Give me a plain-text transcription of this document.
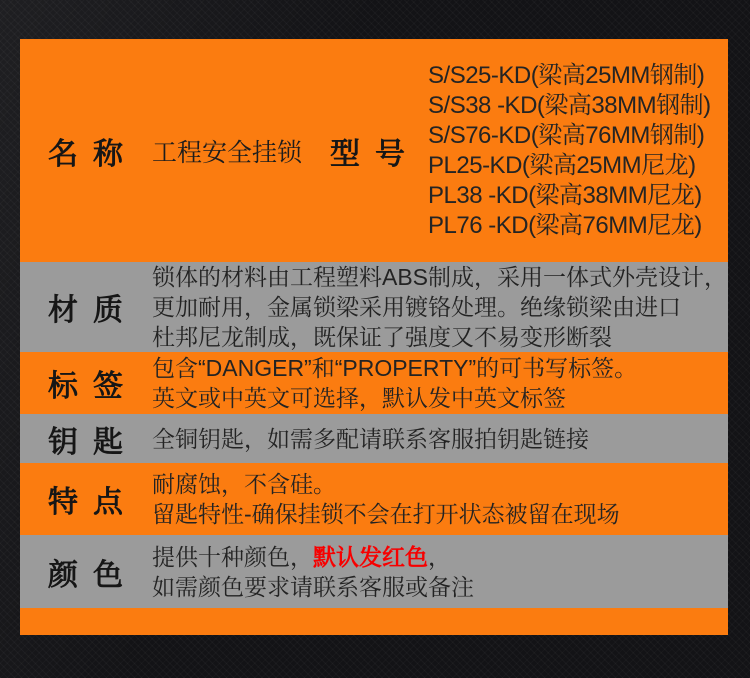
名称 工程安全挂锁 型号
S/S25-KD(梁高25MM钢制)
S/S38 -KD(梁高38MM钢制)
S/S76-KD(梁高76MM钢制)
PL25-KD(梁高25MM尼龙)
PL38 -KD(梁高38MM尼龙)
PL76 -KD(梁高76MM尼龙)
材质
锁体的材料由工程塑料ABS制成，采用一体式外壳设计，
更加耐用，金属锁梁采用镀铬处理。绝缘锁梁由进口
杜邦尼龙制成，既保证了强度又不易变形断裂
标签
包含“DANGER”和“PROPERTY”的可书写标签。
英文或中英文可选择，默认发中英文标签
钥匙 全铜钥匙，如需多配请联系客服拍钥匙链接
特点
耐腐蚀，不含硅。
留匙特性-确保挂锁不会在打开状态被留在现场
颜色
提供十种颜色，默认发红色，
如需颜色要求请联系客服或备注
